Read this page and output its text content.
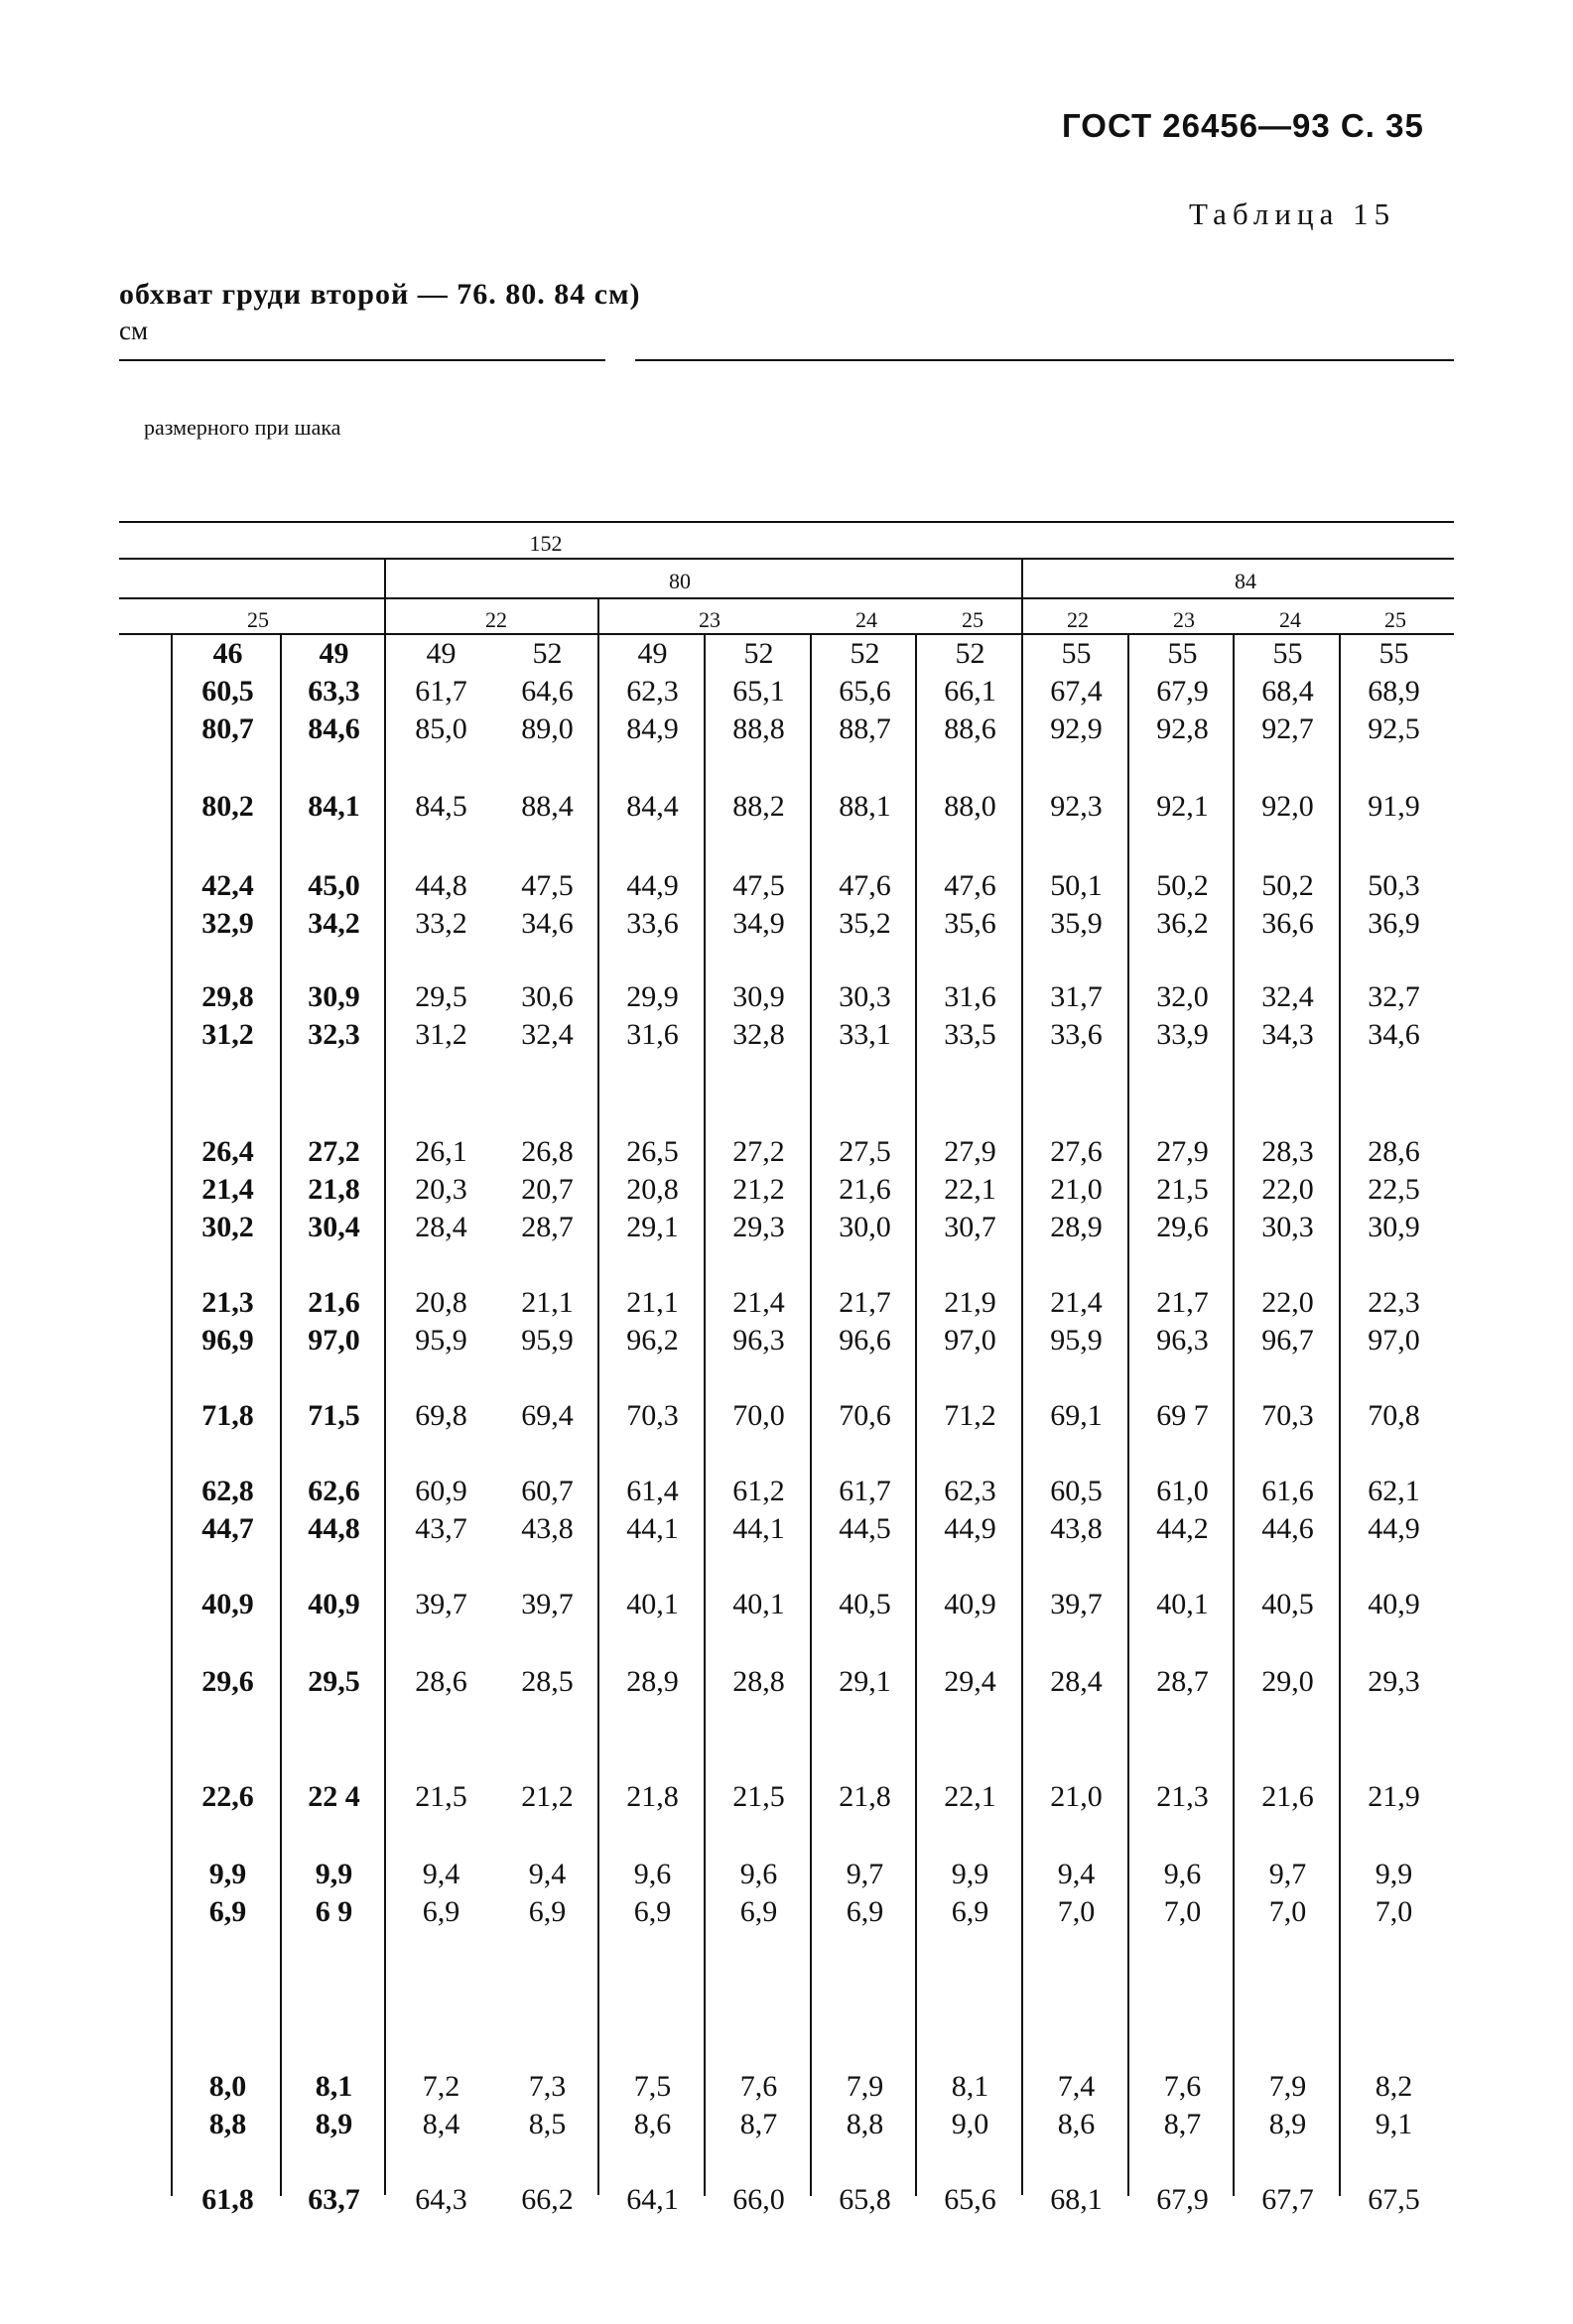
ГОСТ 26456—93 С. 35
Таблица 15
обхват груди второй — 76. 80. 84 см)
см
размерного при шака
152
80	84
25	22	23	24	25	22	23	24	25
46	49	49	52	49	52	52	52	55	55	55	55
60,5	63,3	61,7	64,6	62,3	65,1	65,6	66,1	67,4	67,9	68,4	68,9
80,7	84,6	85,0	89,0	84,9	88,8	88,7	88,6	92,9	92,8	92,7	92,5
80,2	84,1	84,5	88,4	84,4	88,2	88,1	88,0	92,3	92,1	92,0	91,9
42,4	45,0	44,8	47,5	44,9	47,5	47,6	47,6	50,1	50,2	50,2	50,3
32,9	34,2	33,2	34,6	33,6	34,9	35,2	35,6	35,9	36,2	36,6	36,9
29,8	30,9	29,5	30,6	29,9	30,9	30,3	31,6	31,7	32,0	32,4	32,7
31,2	32,3	31,2	32,4	31,6	32,8	33,1	33,5	33,6	33,9	34,3	34,6
26,4	27,2	26,1	26,8	26,5	27,2	27,5	27,9	27,6	27,9	28,3	28,6
21,4	21,8	20,3	20,7	20,8	21,2	21,6	22,1	21,0	21,5	22,0	22,5
30,2	30,4	28,4	28,7	29,1	29,3	30,0	30,7	28,9	29,6	30,3	30,9
21,3	21,6	20,8	21,1	21,1	21,4	21,7	21,9	21,4	21,7	22,0	22,3
96,9	97,0	95,9	95,9	96,2	96,3	96,6	97,0	95,9	96,3	96,7	97,0
71,8	71,5	69,8	69,4	70,3	70,0	70,6	71,2	69,1	69 7	70,3	70,8
62,8	62,6	60,9	60,7	61,4	61,2	61,7	62,3	60,5	61,0	61,6	62,1
44,7	44,8	43,7	43,8	44,1	44,1	44,5	44,9	43,8	44,2	44,6	44,9
40,9	40,9	39,7	39,7	40,1	40,1	40,5	40,9	39,7	40,1	40,5	40,9
29,6	29,5	28,6	28,5	28,9	28,8	29,1	29,4	28,4	28,7	29,0	29,3
22,6	22 4	21,5	21,2	21,8	21,5	21,8	22,1	21,0	21,3	21,6	21,9
9,9	9,9	9,4	9,4	9,6	9,6	9,7	9,9	9,4	9,6	9,7	9,9
6,9	6 9	6,9	6,9	6,9	6,9	6,9	6,9	7,0	7,0	7,0	7,0
8,0	8,1	7,2	7,3	7,5	7,6	7,9	8,1	7,4	7,6	7,9	8,2
8,8	8,9	8,4	8,5	8,6	8,7	8,8	9,0	8,6	8,7	8,9	9,1
61,8	63,7	64,3	66,2	64,1	66,0	65,8	65,6	68,1	67,9	67,7	67,5
